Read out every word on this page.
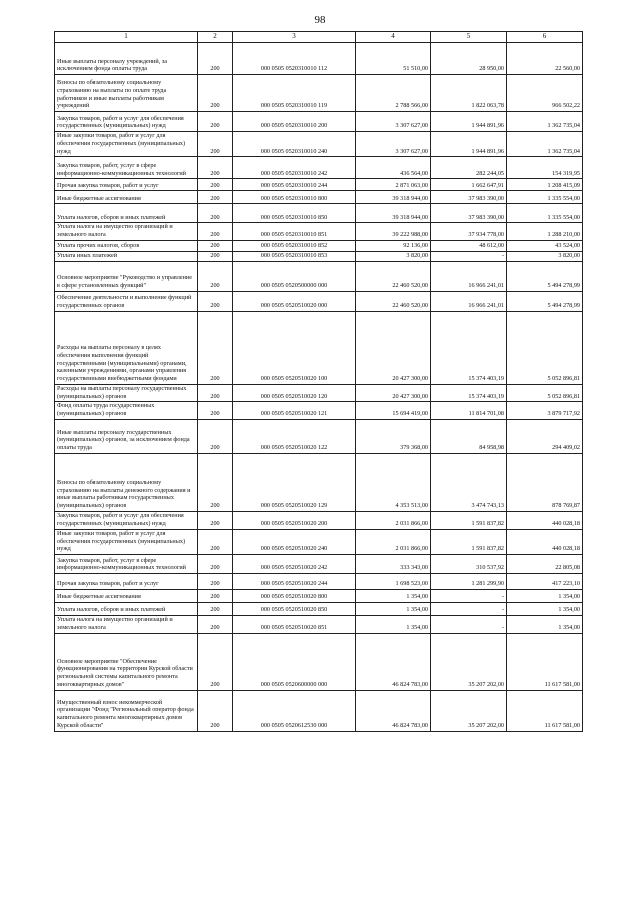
98
1	2	3	4	5	6
Иные выплаты персоналу учреждений, за исключением фонда оплаты труда	200	000 0505 0520310010 112	51 510,00	28 950,00	22 560,00
Взносы по обязательному социальному страхованию на выплаты по оплате труда работников и иные выплаты работникам учреждений	200	000 0505 0520310010 119	2 788 566,00	1 822 063,78	966 502,22
Закупка товаров, работ и услуг для обеспечения государственных (муниципальных) нужд	200	000 0505 0520310010 200	3 307 627,00	1 944 891,96	1 362 735,04
Иные закупки товаров, работ и услуг для обеспечения государственных (муниципальных) нужд	200	000 0505 0520310010 240	3 307 627,00	1 944 891,96	1 362 735,04
Закупка товаров, работ, услуг в сфере информационно-коммуникационных технологий	200	000 0505 0520310010 242	436 564,00	282 244,05	154 319,95
Прочая закупка товаров, работ и услуг	200	000 0505 0520310010 244	2 871 063,00	1 662 647,91	1 208 415,09
Иные бюджетные ассигнования	200	000 0505 0520310010 800	39 318 944,00	37 983 390,00	1 335 554,00
Уплата налогов, сборов и иных платежей	200	000 0505 0520310010 850	39 318 944,00	37 983 390,00	1 335 554,00
Уплата налога на имущество организаций и земельного налога	200	000 0505 0520310010 851	39 222 988,00	37 934 778,00	1 288 210,00
Уплата прочих налогов, сборов	200	000 0505 0520310010 852	92 136,00	48 612,00	43 524,00
Уплата иных платежей	200	000 0505 0520310010 853	3 820,00	-	3 820,00
Основное мероприятие "Руководство и управление в сфере установленных функций"	200	000 0505 0520500000 000	22 460 520,00	16 966 241,01	5 494 278,99
Обеспечение деятельности и выполнение функций государственных органов	200	000 0505 0520510020 000	22 460 520,00	16 966 241,01	5 494 278,99
Расходы на выплаты персоналу в целях обеспечения выполнения функций государственными (муниципальными) органами, казенными учреждениями, органами управления государственными внебюджетными фондами	200	000 0505 0520510020 100	20 427 300,00	15 374 403,19	5 052 896,81
Расходы на выплаты персоналу государственных (муниципальных) органов	200	000 0505 0520510020 120	20 427 300,00	15 374 403,19	5 052 896,81
Фонд оплаты труда государственных (муниципальных) органов	200	000 0505 0520510020 121	15 694 419,00	11 814 701,08	3 879 717,92
Иные выплаты персоналу государственных (муниципальных) органов, за исключением фонда оплаты труда	200	000 0505 0520510020 122	379 368,00	84 958,98	294 409,02
Взносы по обязательному социальному страхованию на выплаты денежного содержания и иные выплаты работникам государственных (муниципальных) органов	200	000 0505 0520510020 129	4 353 513,00	3 474 743,13	878 769,87
Закупка товаров, работ и услуг для обеспечения государственных (муниципальных) нужд	200	000 0505 0520510020 200	2 031 866,00	1 591 837,82	440 028,18
Иные закупки товаров, работ и услуг для обеспечения государственных (муниципальных) нужд	200	000 0505 0520510020 240	2 031 866,00	1 591 837,82	440 028,18
Закупка товаров, работ, услуг в сфере информационно-коммуникационных технологий	200	000 0505 0520510020 242	333 343,00	310 537,92	22 805,08
Прочая закупка товаров, работ и услуг	200	000 0505 0520510020 244	1 698 523,00	1 281 299,90	417 223,10
Иные бюджетные ассигнования	200	000 0505 0520510020 800	1 354,00	-	1 354,00
Уплата налогов, сборов и иных платежей	200	000 0505 0520510020 850	1 354,00	-	1 354,00
Уплата налога на имущество организаций и земельного налога	200	000 0505 0520510020 851	1 354,00	-	1 354,00
Основное мероприятие "Обеспечение функционирования на территории Курской области региональной системы капитального ремонта многоквартирных домов"	200	000 0505 0520600000 000	46 824 783,00	35 207 202,00	11 617 581,00
Имущественный взнос некоммерческой организации "Фонд "Региональный оператор фонда капитального ремонта многоквартирных домов Курской области"	200	000 0505 0520612530 000	46 824 783,00	35 207 202,00	11 617 581,00
